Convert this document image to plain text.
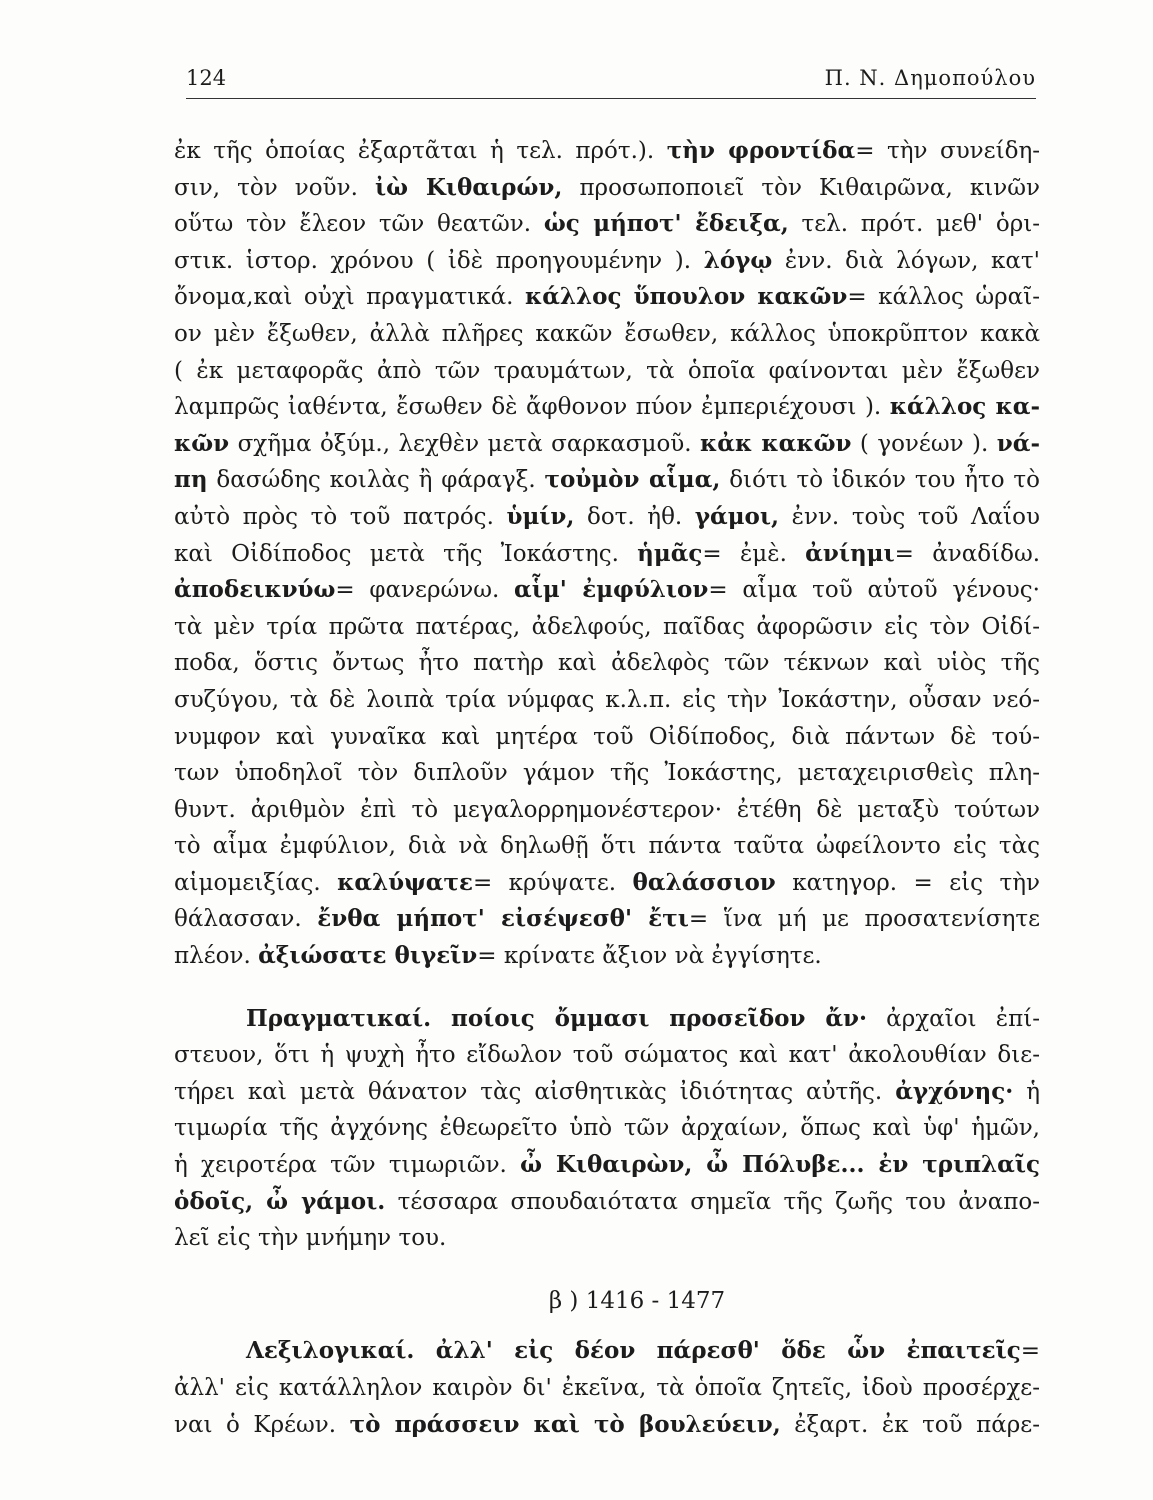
124	Π. Ν. Δημοπούλου
ἐκ τῆς ὁποίας ἐξαρτᾶται ἡ τελ. πρότ.). τὴν φροντίδα= τὴν συνείδη-
σιν, τὸν νοῦν. ἰὼ Κιθαιρών, προσωποποιεῖ τὸν Κιθαιρῶνα, κινῶν
οὕτω τὸν ἔλεον τῶν θεατῶν. ὡς μήποτ' ἔδειξα, τελ. πρότ. μεθ' ὁρι-
στικ. ἱστορ. χρόνου ( ἰδὲ προηγουμένην ). λόγῳ ἐνν. διὰ λόγων, κατ'
ὄνομα,καὶ οὐχὶ πραγματικά. κάλλος ὕπουλον κακῶν= κάλλος ὡραῖ-
ον μὲν ἔξωθεν, ἀλλὰ πλῆρες κακῶν ἔσωθεν, κάλλος ὑποκρῦπτον κακὰ
( ἐκ μεταφορᾶς ἀπὸ τῶν τραυμάτων, τὰ ὁποῖα φαίνονται μὲν ἔξωθεν
λαμπρῶς ἰαθέντα, ἔσωθεν δὲ ἄφθονον πύον ἐμπεριέχουσι ). κάλλος κα-
κῶν σχῆμα ὀξύμ., λεχθὲν μετὰ σαρκασμοῦ. κἀκ κακῶν ( γονέων ). νά-
πη δασώδης κοιλὰς ἢ φάραγξ. τοὐμὸν αἷμα, διότι τὸ ἰδικόν του ἦτο τὸ
αὐτὸ πρὸς τὸ τοῦ πατρός. ὑμίν, δοτ. ἠθ. γάμοι, ἐνν. τοὺς τοῦ Λαΐου
καὶ Οἰδίποδος μετὰ τῆς Ἰοκάστης. ἡμᾶς= ἐμὲ. ἀνίημι= ἀναδίδω.
ἀποδεικνύω= φανερώνω. αἷμ' ἐμφύλιον= αἷμα τοῦ αὐτοῦ γένους·
τὰ μὲν τρία πρῶτα πατέρας, ἀδελφούς, παῖδας ἀφορῶσιν εἰς τὸν Οἰδί-
ποδα, ὅστις ὄντως ἦτο πατὴρ καὶ ἀδελφὸς τῶν τέκνων καὶ υἱὸς τῆς
συζύγου, τὰ δὲ λοιπὰ τρία νύμφας κ.λ.π. εἰς τὴν Ἰοκάστην, οὖσαν νεό-
νυμφον καὶ γυναῖκα καὶ μητέρα τοῦ Οἰδίποδος, διὰ πάντων δὲ τού-
των ὑποδηλοῖ τὸν διπλοῦν γάμον τῆς Ἰοκάστης, μεταχειρισθεὶς πλη-
θυντ. ἀριθμὸν ἐπὶ τὸ μεγαλορρημονέστερον· ἐτέθη δὲ μεταξὺ τούτων
τὸ αἷμα ἐμφύλιον, διὰ νὰ δηλωθῇ ὅτι πάντα ταῦτα ὠφείλοντο εἰς τὰς
αἱμομειξίας. καλύψατε= κρύψατε. θαλάσσιον κατηγορ. = εἰς τὴν
θάλασσαν. ἔνθα μήποτ' εἰσέψεσθ' ἔτι= ἵνα μή με προσατενίσητε
πλέον. ἀξιώσατε θιγεῖν= κρίνατε ἄξιον νὰ ἐγγίσητε.
Πραγματικαί. ποίοις ὄμμασι προσεῖδον ἄν· ἀρχαῖοι ἐπί-
στευον, ὅτι ἡ ψυχὴ ἦτο εἴδωλον τοῦ σώματος καὶ κατ' ἀκολουθίαν διε-
τήρει καὶ μετὰ θάνατον τὰς αἰσθητικὰς ἰδιότητας αὐτῆς. ἀγχόνης· ἡ
τιμωρία τῆς ἀγχόνης ἐθεωρεῖτο ὑπὸ τῶν ἀρχαίων, ὅπως καὶ ὑφ' ἡμῶν,
ἡ χειροτέρα τῶν τιμωριῶν. ὦ Κιθαιρὼν, ὦ Πόλυβε... ἐν τριπλαῖς
ὁδοῖς, ὦ γάμοι. τέσσαρα σπουδαιότατα σημεῖα τῆς ζωῆς του ἀναπο-
λεῖ εἰς τὴν μνήμην του.
β ) 1416 - 1477
Λεξιλογικαί. ἀλλ' εἰς δέον πάρεσθ' ὅδε ὧν ἐπαιτεῖς=
ἀλλ' εἰς κατάλληλον καιρὸν δι' ἐκεῖνα, τὰ ὁποῖα ζητεῖς, ἰδοὺ προσέρχε-
ναι ὁ Κρέων. τὸ πράσσειν καὶ τὸ βουλεύειν, ἐξαρτ. ἐκ τοῦ πάρε-
